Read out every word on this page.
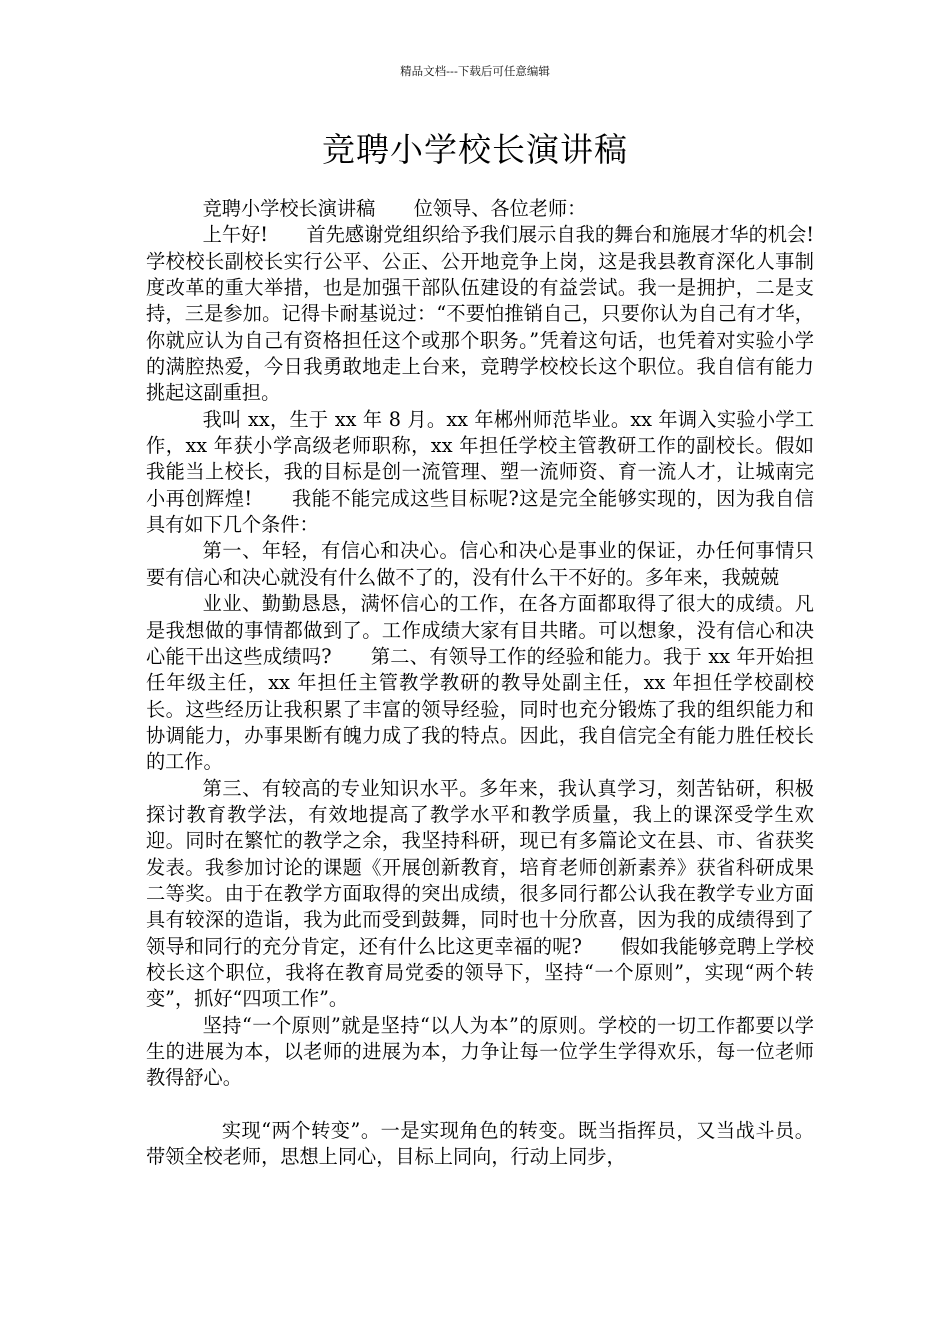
精品文档---下载后可任意编辑
竞聘小学校长演讲稿

竞聘小学校长演讲稿　　位领导、各位老师：

上午好!　　首先感谢党组织给予我们展示自我的舞台和施展才华的机会!学校校长副校长实行公平、公正、公开地竞争上岗，这是我县教育深化人事制度改革的重大举措，也是加强干部队伍建设的有益尝试。我一是拥护，二是支持，三是参加。记得卡耐基说过：“不要怕推销自己，只要你认为自己有才华，你就应认为自己有资格担任这个或那个职务。”凭着这句话，也凭着对实验小学的满腔热爱，今日我勇敢地走上台来，竞聘学校校长这个职位。我自信有能力挑起这副重担。

我叫 xx，生于 xx 年 8 月。xx 年郴州师范毕业。xx 年调入实验小学工作，xx 年获小学高级老师职称，xx 年担任学校主管教研工作的副校长。假如我能当上校长，我的目标是创一流管理、塑一流师资、育一流人才，让城南完小再创辉煌!　　我能不能完成这些目标呢?这是完全能够实现的，因为我自信具有如下几个条件：

第一、年轻，有信心和决心。信心和决心是事业的保证，办任何事情只要有信心和决心就没有什么做不了的，没有什么干不好的。多年来，我兢兢

业业、勤勤恳恳，满怀信心的工作，在各方面都取得了很大的成绩。凡是我想做的事情都做到了。工作成绩大家有目共睹。可以想象，没有信心和决心能干出这些成绩吗?　　第二、有领导工作的经验和能力。我于 xx 年开始担任年级主任，xx 年担任主管教学教研的教导处副主任，xx 年担任学校副校长。这些经历让我积累了丰富的领导经验，同时也充分锻炼了我的组织能力和协调能力，办事果断有魄力成了我的特点。因此，我自信完全有能力胜任校长的工作。

第三、有较高的专业知识水平。多年来，我认真学习，刻苦钻研，积极探讨教育教学法，有效地提高了教学水平和教学质量，我上的课深受学生欢迎。同时在繁忙的教学之余，我坚持科研，现已有多篇论文在县、市、省获奖发表。我参加讨论的课题《开展创新教育，培育老师创新素养》获省科研成果二等奖。由于在教学方面取得的突出成绩，很多同行都公认我在教学专业方面具有较深的造诣，我为此而受到鼓舞，同时也十分欣喜，因为我的成绩得到了领导和同行的充分肯定，还有什么比这更幸福的呢?　　假如我能够竞聘上学校校长这个职位，我将在教育局党委的领导下，坚持“一个原则”，实现“两个转变”，抓好“四项工作”。

坚持“一个原则”就是坚持“以人为本”的原则。学校的一切工作都要以学生的进展为本，以老师的进展为本，力争让每一位学生学得欢乐，每一位老师教得舒心。

实现“两个转变”。一是实现角色的转变。既当指挥员，又当战斗员。带领全校老师，思想上同心，目标上同向，行动上同步，
